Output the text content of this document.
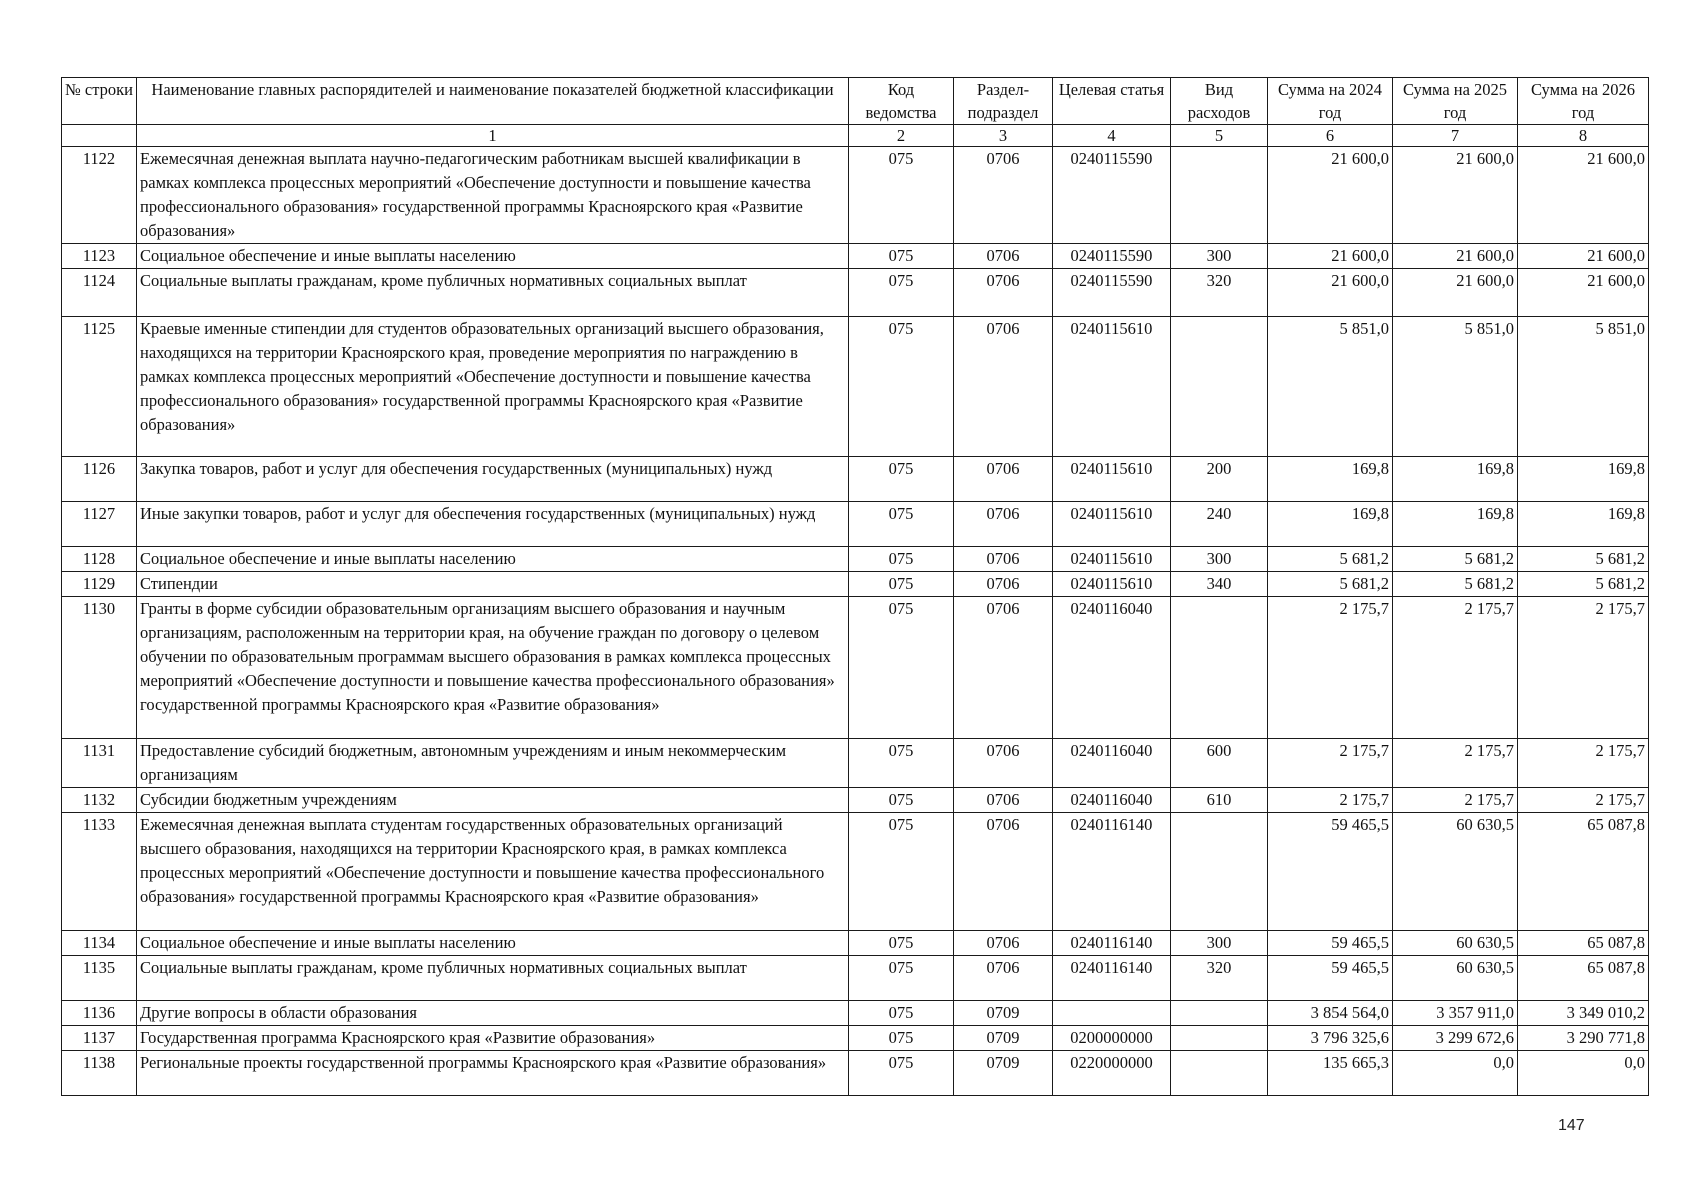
№ строки	Наименование главных распорядителей и наименование показателей бюджетной классификации	Код ведомства	Раздел-подраздел	Целевая статья	Вид расходов	Сумма на 2024 год	Сумма на 2025 год	Сумма на 2026 год
	1	2	3	4	5	6	7	8
1122	Ежемесячная денежная выплата научно-педагогическим работникам высшей квалификации в рамках комплекса процессных мероприятий «Обеспечение доступности и повышение качества профессионального образования» государственной программы Красноярского края «Развитие образования»	075	0706	0240115590		21 600,0	21 600,0	21 600,0
1123	Социальное обеспечение и иные выплаты населению	075	0706	0240115590	300	21 600,0	21 600,0	21 600,0
1124	Социальные выплаты гражданам, кроме публичных нормативных социальных выплат	075	0706	0240115590	320	21 600,0	21 600,0	21 600,0
1125	Краевые именные стипендии для студентов образовательных организаций высшего образования, находящихся на территории Красноярского края, проведение мероприятия по награждению в рамках комплекса процессных мероприятий «Обеспечение доступности и повышение качества профессионального образования» государственной программы Красноярского края «Развитие образования»	075	0706	0240115610		5 851,0	5 851,0	5 851,0
1126	Закупка товаров, работ и услуг для обеспечения государственных (муниципальных) нужд	075	0706	0240115610	200	169,8	169,8	169,8
1127	Иные закупки товаров, работ и услуг для обеспечения государственных (муниципальных) нужд	075	0706	0240115610	240	169,8	169,8	169,8
1128	Социальное обеспечение и иные выплаты населению	075	0706	0240115610	300	5 681,2	5 681,2	5 681,2
1129	Стипендии	075	0706	0240115610	340	5 681,2	5 681,2	5 681,2
1130	Гранты в форме субсидии образовательным организациям высшего образования и научным организациям, расположенным на территории края, на обучение граждан по договору о целевом обучении по образовательным программам высшего образования в рамках комплекса процессных мероприятий «Обеспечение доступности и повышение качества профессионального образования» государственной программы Красноярского края «Развитие образования»	075	0706	0240116040		2 175,7	2 175,7	2 175,7
1131	Предоставление субсидий бюджетным, автономным учреждениям и иным некоммерческим организациям	075	0706	0240116040	600	2 175,7	2 175,7	2 175,7
1132	Субсидии бюджетным учреждениям	075	0706	0240116040	610	2 175,7	2 175,7	2 175,7
1133	Ежемесячная денежная выплата студентам государственных образовательных организаций высшего образования, находящихся на территории Красноярского края, в рамках комплекса процессных мероприятий «Обеспечение доступности и повышение качества профессионального образования» государственной программы Красноярского края «Развитие образования»	075	0706	0240116140		59 465,5	60 630,5	65 087,8
1134	Социальное обеспечение и иные выплаты населению	075	0706	0240116140	300	59 465,5	60 630,5	65 087,8
1135	Социальные выплаты гражданам, кроме публичных нормативных социальных выплат	075	0706	0240116140	320	59 465,5	60 630,5	65 087,8
1136	Другие вопросы в области образования	075	0709			3 854 564,0	3 357 911,0	3 349 010,2
1137	Государственная программа Красноярского края «Развитие образования»	075	0709	0200000000		3 796 325,6	3 299 672,6	3 290 771,8
1138	Региональные проекты государственной программы Красноярского края «Развитие образования»	075	0709	0220000000		135 665,3	0,0	0,0
147
